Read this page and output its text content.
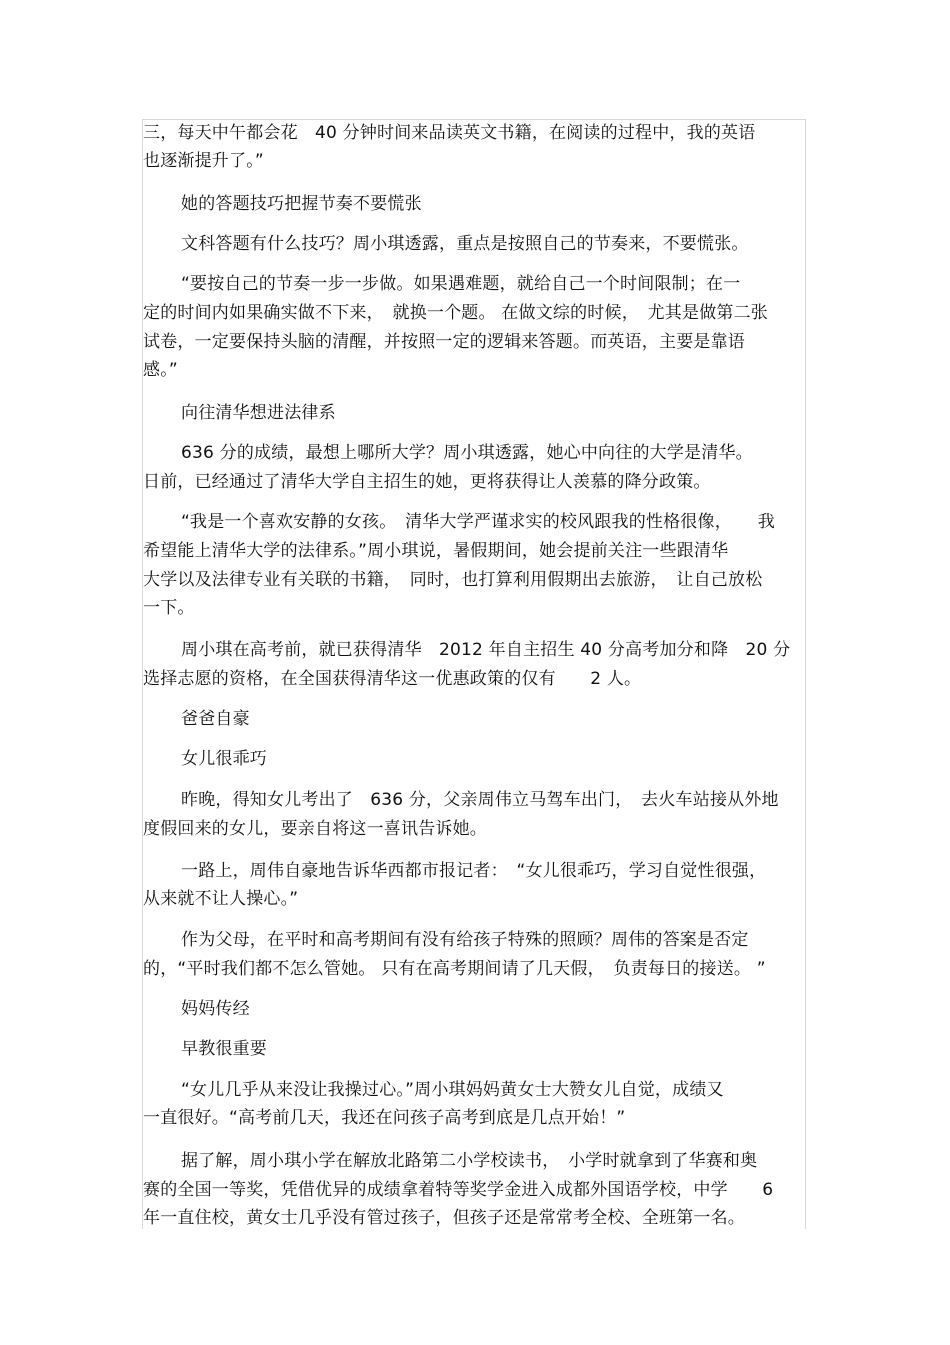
三，每天中午都会花　40 分钟时间来品读英文书籍，在阅读的过程中，我的英语
也逐渐提升了。”
她的答题技巧把握节奏不要慌张
文科答题有什么技巧？周小琪透露，重点是按照自己的节奏来，不要慌张。
“要按自己的节奏一步一步做。如果遇难题，就给自己一个时间限制；在一
定的时间内如果确实做不下来，　就换一个题。 在做文综的时候，　尤其是做第二张
试卷，一定要保持头脑的清醒，并按照一定的逻辑来答题。而英语，主要是靠语
感。”
向往清华想进法律系
636 分的成绩，最想上哪所大学？周小琪透露，她心中向往的大学是清华。
日前，已经通过了清华大学自主招生的她，更将获得让人羡慕的降分政策。
“我是一个喜欢安静的女孩。　清华大学严谨求实的校风跟我的性格很像，　　我
希望能上清华大学的法律系。”周小琪说，暑假期间，她会提前关注一些跟清华
大学以及法律专业有关联的书籍，　同时，也打算利用假期出去旅游，　让自己放松
一下。
周小琪在高考前，就已获得清华　2012 年自主招生 40 分高考加分和降　20 分
选择志愿的资格，在全国获得清华这一优惠政策的仅有　　2 人。
爸爸自豪
女儿很乖巧
昨晚，得知女儿考出了　636 分，父亲周伟立马驾车出门，　去火车站接从外地
度假回来的女儿，要亲自将这一喜讯告诉她。
一路上，周伟自豪地告诉华西都市报记者：　“女儿很乖巧，学习自觉性很强，
从来就不让人操心。”
作为父母，在平时和高考期间有没有给孩子特殊的照顾？周伟的答案是否定
的，“平时我们都不怎么管她。 只有在高考期间请了几天假，　负责每日的接送。 ”
妈妈传经
早教很重要
“女儿几乎从来没让我操过心。”周小琪妈妈黄女士大赞女儿自觉，成绩又
一直很好。“高考前几天，我还在问孩子高考到底是几点开始！”
据了解，周小琪小学在解放北路第二小学校读书，　小学时就拿到了华赛和奥
赛的全国一等奖，凭借优异的成绩拿着特等奖学金进入成都外国语学校，中学　　6
年一直住校，黄女士几乎没有管过孩子，但孩子还是常常考全校、全班第一名。
